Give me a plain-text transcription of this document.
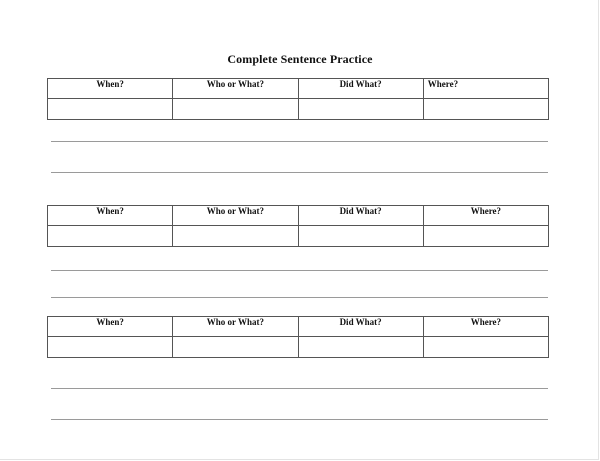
Complete Sentence Practice
When?	Who or What?	Did What?	Where?

When?	Who or What?	Did What?	Where?

When?	Who or What?	Did What?	Where?
